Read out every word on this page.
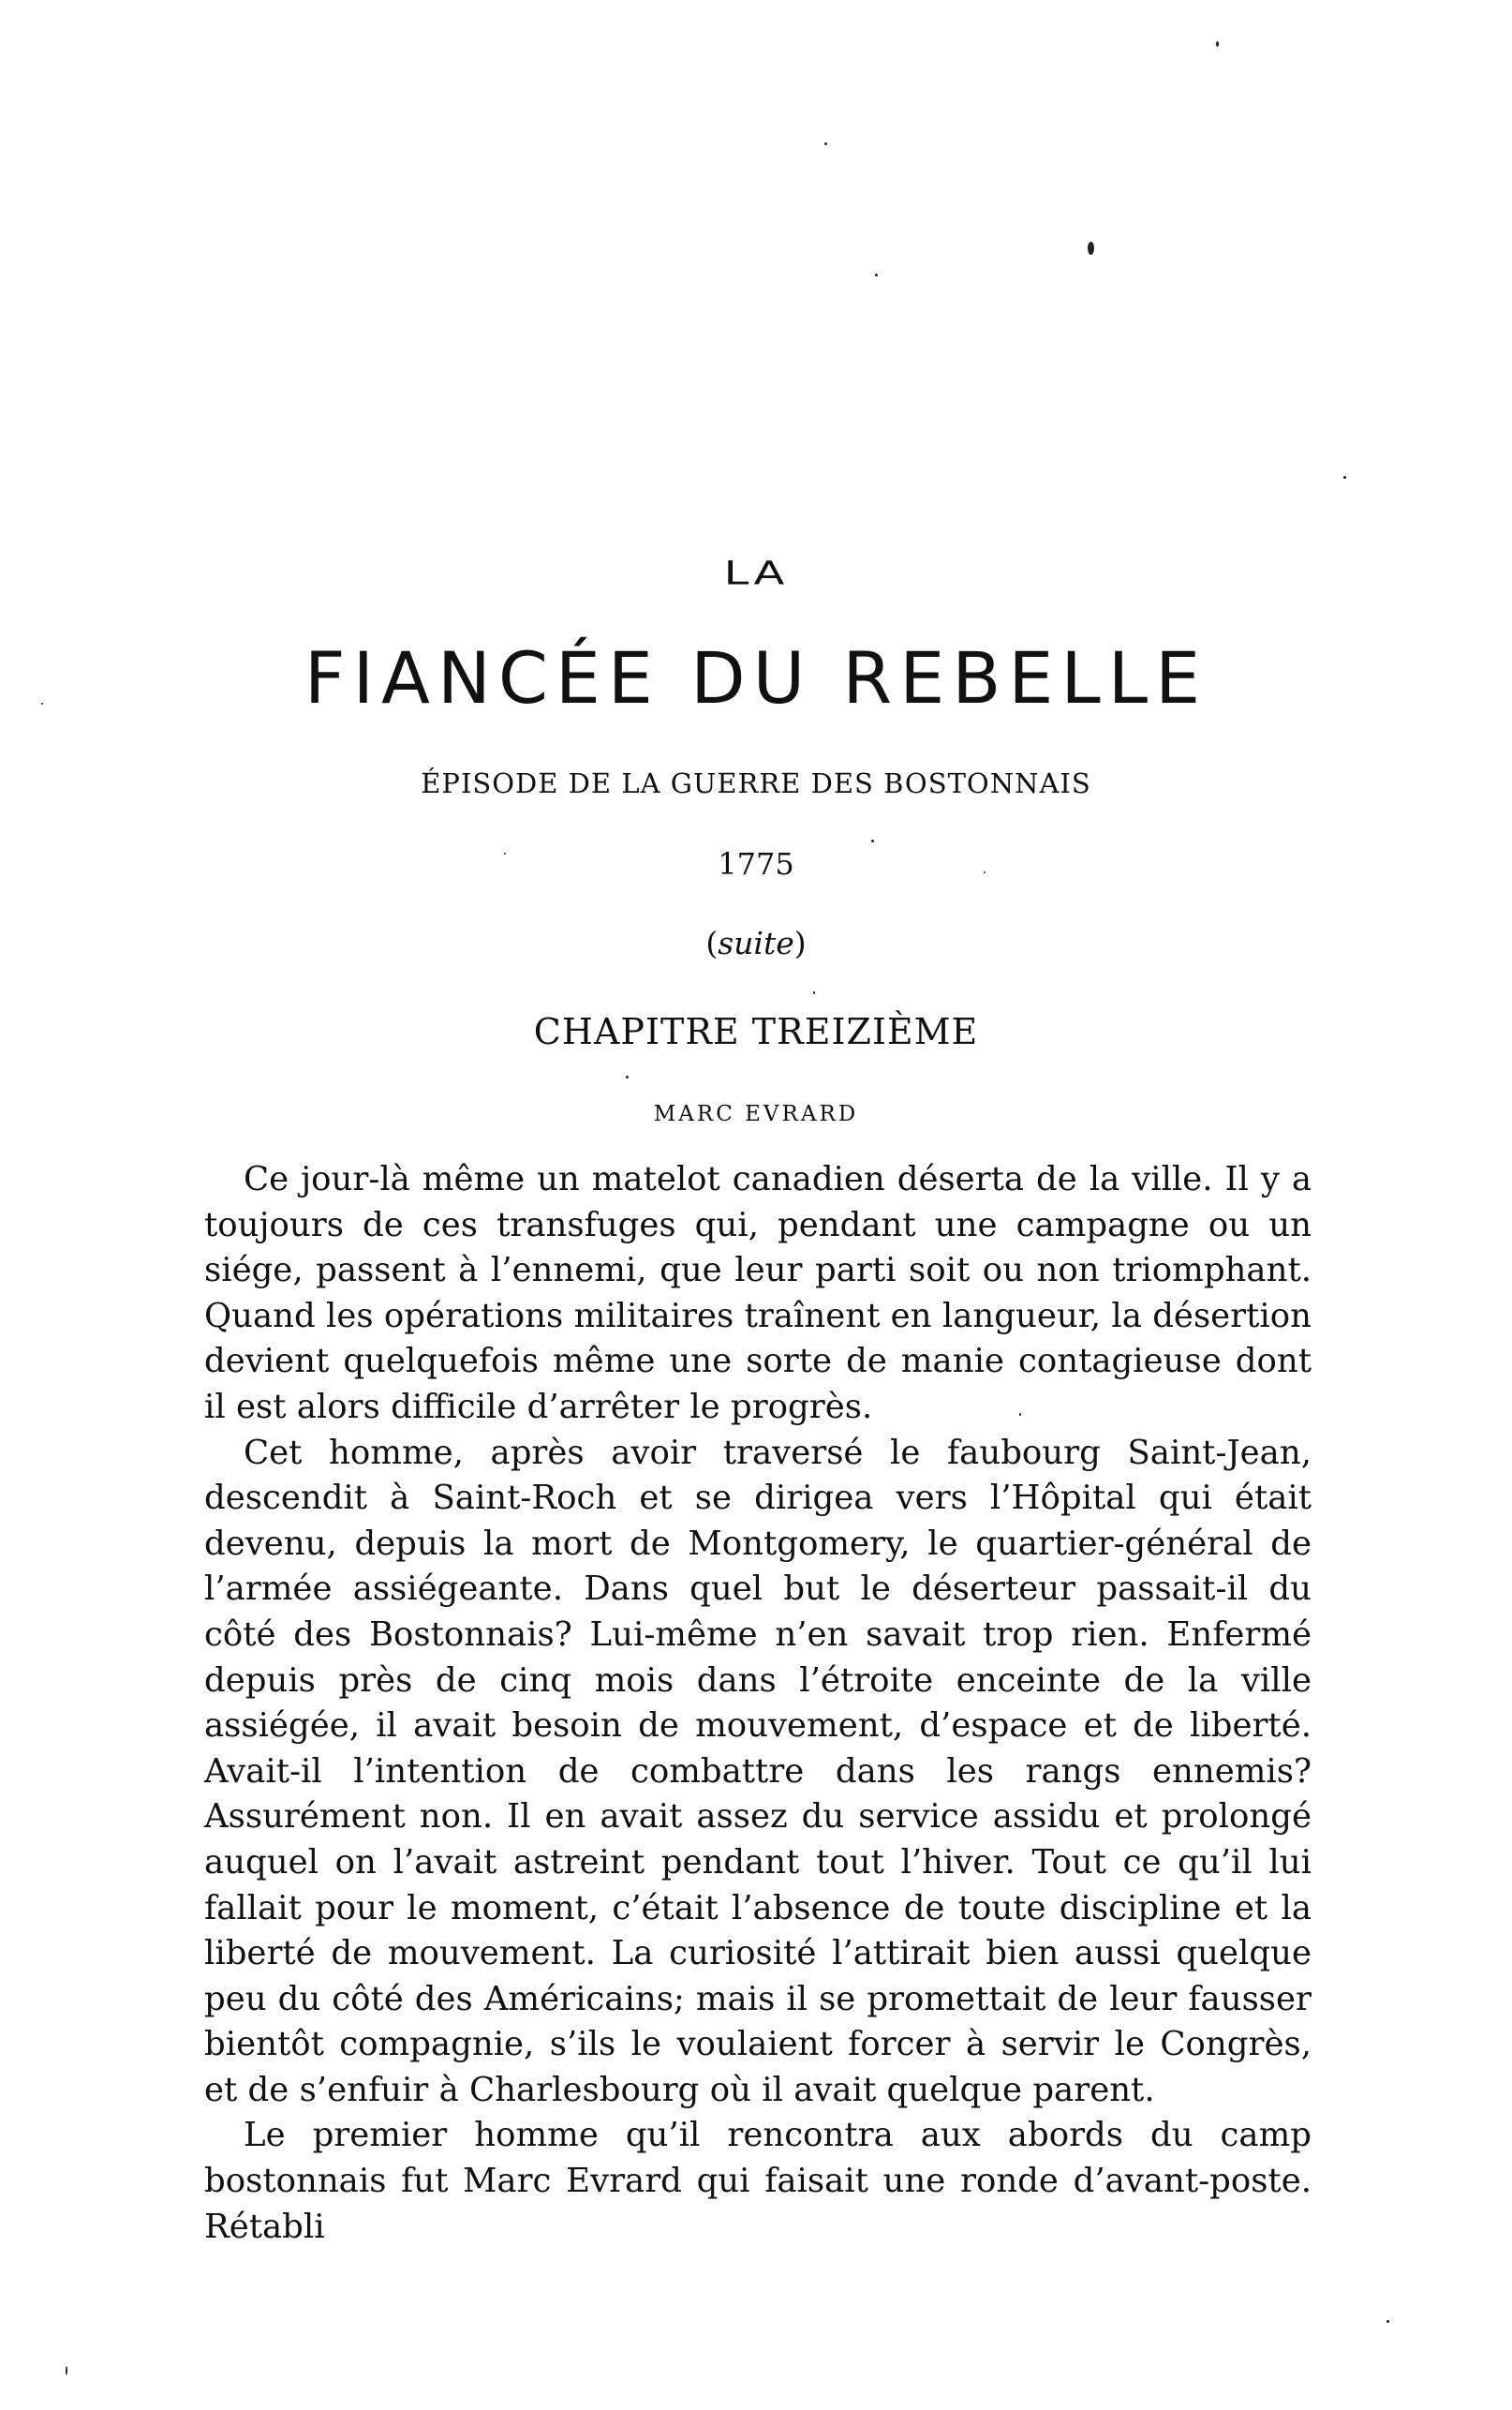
LA
FIANCÉE DU REBELLE
ÉPISODE DE LA GUERRE DES BOSTONNAIS
1775
(suite)
CHAPITRE TREIZIÈME
MARC EVRARD

Ce jour-là même un matelot canadien déserta de la ville. Il y a toujours de ces transfuges qui, pendant une campagne ou un siége, passent à l’ennemi, que leur parti soit ou non triomphant. Quand les opérations militaires traînent en langueur, la désertion devient quelquefois même une sorte de manie contagieuse dont il est alors difficile d’arrêter le progrès.

Cet homme, après avoir traversé le faubourg Saint-Jean, descendit à Saint-Roch et se dirigea vers l’Hôpital qui était devenu, depuis la mort de Montgomery, le quartier-général de l’armée assiégeante. Dans quel but le déserteur passait-il du côté des Bostonnais? Lui-même n’en savait trop rien. Enfermé depuis près de cinq mois dans l’étroite enceinte de la ville assiégée, il avait besoin de mouvement, d’espace et de liberté. Avait-il l’intention de combattre dans les rangs ennemis? Assurément non. Il en avait assez du service assidu et prolongé auquel on l’avait astreint pendant tout l’hiver. Tout ce qu’il lui fallait pour le moment, c’était l’absence de toute discipline et la liberté de mouvement. La curiosité l’attirait bien aussi quelque peu du côté des Américains; mais il se promettait de leur fausser bientôt compagnie, s’ils le voulaient forcer à servir le Congrès, et de s’enfuir à Charlesbourg où il avait quelque parent.

Le premier homme qu’il rencontra aux abords du camp bostonnais fut Marc Evrard qui faisait une ronde d’avant-poste. Rétabli
